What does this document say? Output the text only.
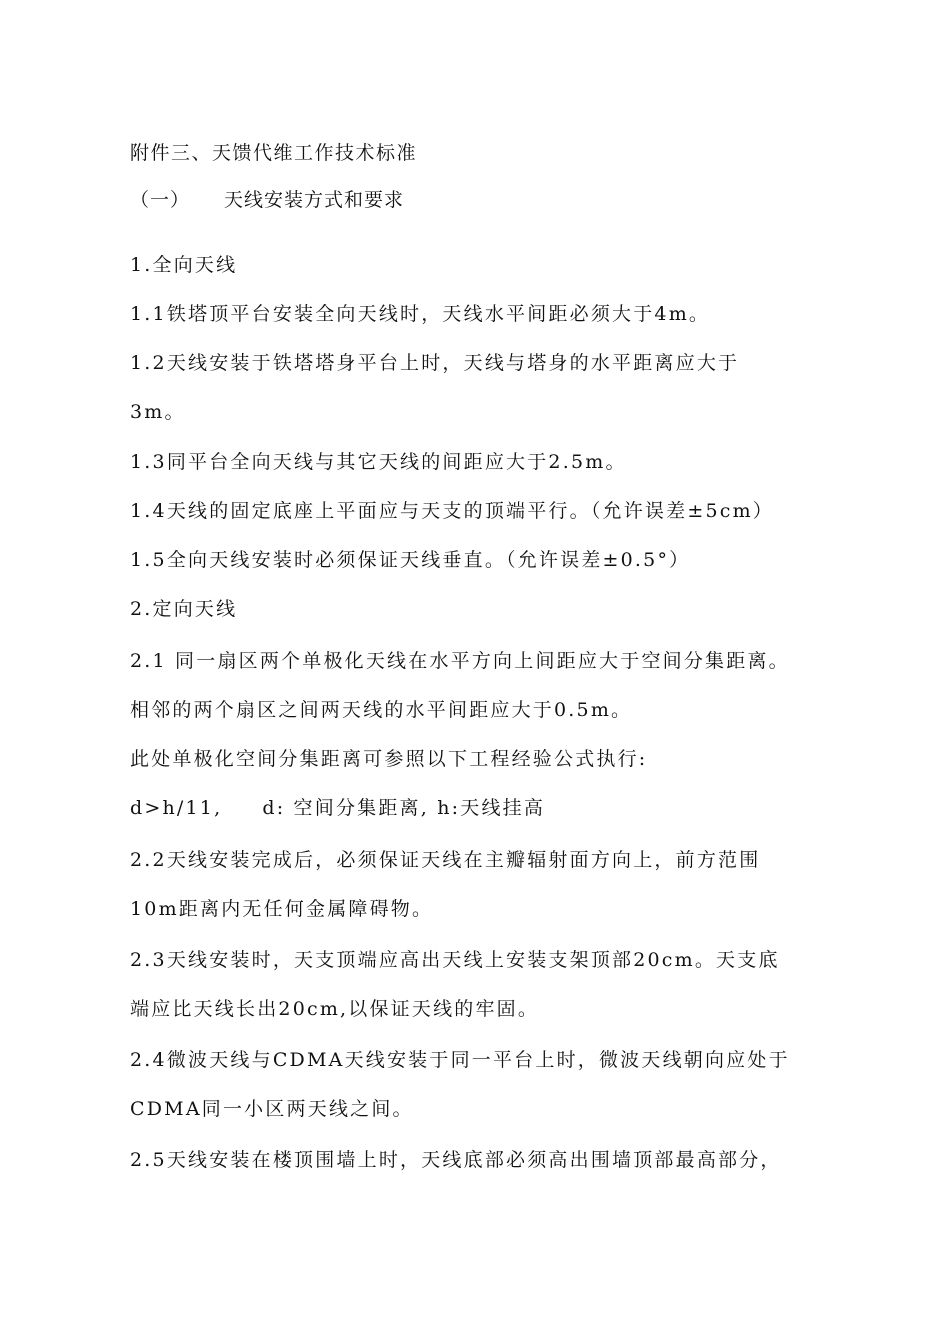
附件三、天馈代维工作技术标准
（一） 天线安装方式和要求
1.全向天线
1.1铁塔顶平台安装全向天线时，天线水平间距必须大于4m。
1.2天线安装于铁塔塔身平台上时，天线与塔身的水平距离应大于
3m。
1.3同平台全向天线与其它天线的间距应大于2.5m。
1.4天线的固定底座上平面应与天支的顶端平行。（允许误差±5cm）
1.5全向天线安装时必须保证天线垂直。（允许误差±0.5°）
2.定向天线
2.1 同一扇区两个单极化天线在水平方向上间距应大于空间分集距离。
相邻的两个扇区之间两天线的水平间距应大于0.5m。
此处单极化空间分集距离可参照以下工程经验公式执行:
d>h/11, d: 空间分集距离, h:天线挂高
2.2天线安装完成后，必须保证天线在主瓣辐射面方向上，前方范围
10m距离内无任何金属障碍物。
2.3天线安装时，天支顶端应高出天线上安装支架顶部20cm。天支底
端应比天线长出20cm,以保证天线的牢固。
2.4微波天线与CDMA天线安装于同一平台上时，微波天线朝向应处于
CDMA同一小区两天线之间。
2.5天线安装在楼顶围墙上时，天线底部必须高出围墙顶部最高部分，
